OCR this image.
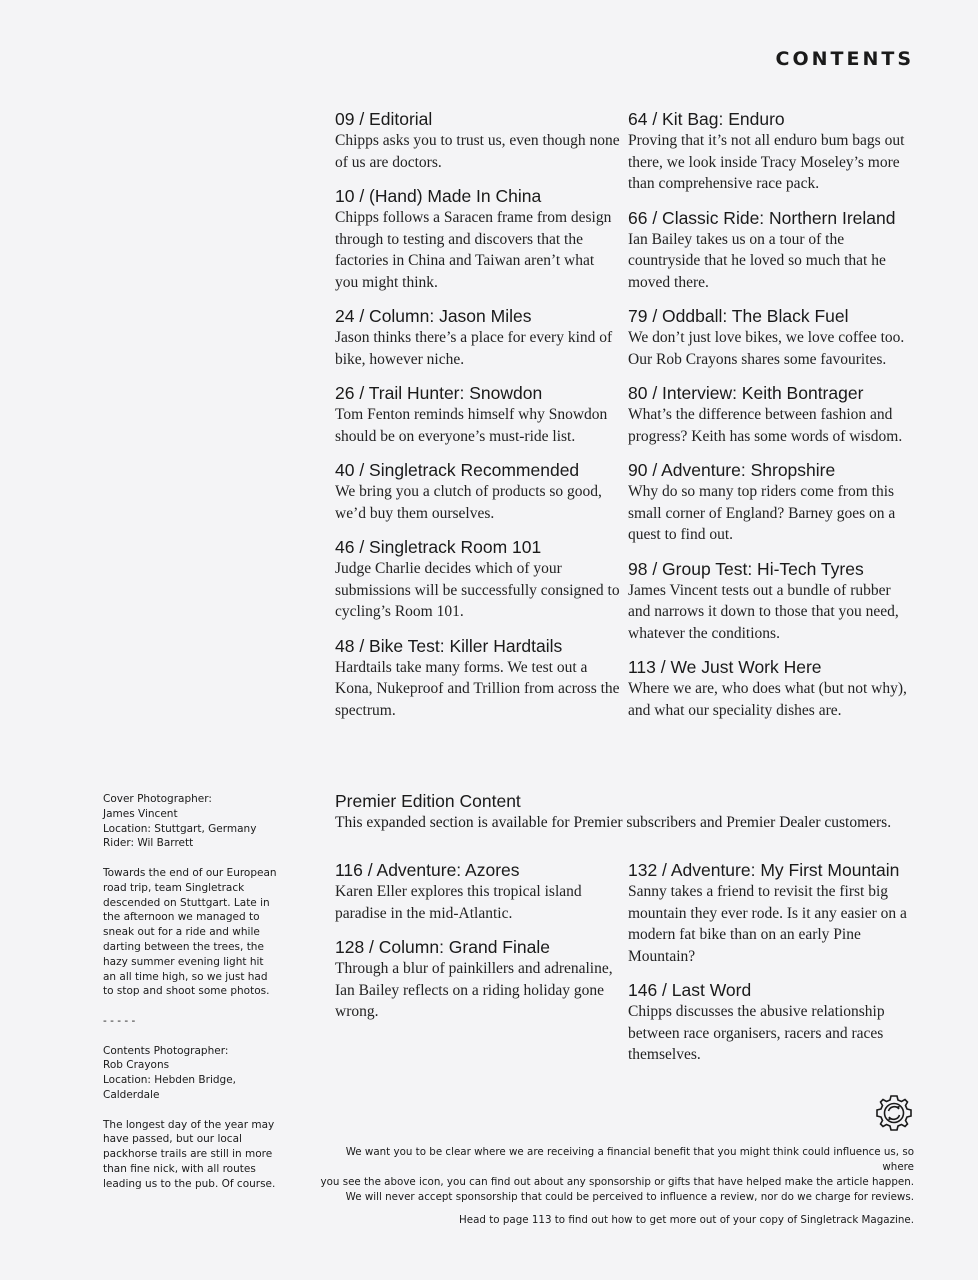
CONTENTS
09 / Editorial
Chipps asks you to trust us, even though none of us are doctors.
10 / (Hand) Made In China
Chipps follows a Saracen frame from design through to testing and discovers that the factories in China and Taiwan aren’t what you might think.
24 / Column: Jason Miles
Jason thinks there’s a place for every kind of bike, however niche.
26 / Trail Hunter: Snowdon
Tom Fenton reminds himself why Snowdon should be on everyone’s must-ride list.
40 / Singletrack Recommended
We bring you a clutch of products so good, we’d buy them ourselves.
46 / Singletrack Room 101
Judge Charlie decides which of your submissions will be successfully consigned to cycling’s Room 101.
48 / Bike Test: Killer Hardtails
Hardtails take many forms. We test out a Kona, Nukeproof and Trillion from across the spectrum.
64 / Kit Bag: Enduro
Proving that it’s not all enduro bum bags out there, we look inside Tracy Moseley’s more than comprehensive race pack.
66 / Classic Ride: Northern Ireland
Ian Bailey takes us on a tour of the countryside that he loved so much that he moved there.
79 / Oddball: The Black Fuel
We don’t just love bikes, we love coffee too. Our Rob Crayons shares some favourites.
80 / Interview: Keith Bontrager
What’s the difference between fashion and progress? Keith has some words of wisdom.
90 / Adventure: Shropshire
Why do so many top riders come from this small corner of England? Barney goes on a quest to find out.
98 / Group Test: Hi-Tech Tyres
James Vincent tests out a bundle of rubber and narrows it down to those that you need, whatever the conditions.
113 / We Just Work Here
Where we are, who does what (but not why), and what our speciality dishes are.
Premier Edition Content
This expanded section is available for Premier subscribers and Premier Dealer customers.
116 / Adventure: Azores
Karen Eller explores this tropical island paradise in the mid-Atlantic.
128 / Column: Grand Finale
Through a blur of painkillers and adrenaline, Ian Bailey reflects on a riding holiday gone wrong.
132 / Adventure: My First Mountain
Sanny takes a friend to revisit the first big mountain they ever rode. Is it any easier on a modern fat bike than on an early Pine Mountain?
146 / Last Word
Chipps discusses the abusive relationship between race organisers, racers and races themselves.

Cover Photographer:
James Vincent
Location: Stuttgart, Germany
Rider: Wil Barrett

Towards the end of our European road trip, team Singletrack descended on Stuttgart. Late in the afternoon we managed to sneak out for a ride and while darting between the trees, the hazy summer evening light hit an all time high, so we just had to stop and shoot some photos.

- - - - -

Contents Photographer:
Rob Crayons
Location: Hebden Bridge,
Calderdale

The longest day of the year may have passed, but our local packhorse trails are still in more than fine nick, with all routes leading us to the pub. Of course.

We want you to be clear where we are receiving a financial benefit that you might think could influence us, so where

you see the above icon, you can find out about any sponsorship or gifts that have helped make the article happen.

We will never accept sponsorship that could be perceived to influence a review, nor do we charge for reviews.

Head to page 113 to find out how to get more out of your copy of Singletrack Magazine.
